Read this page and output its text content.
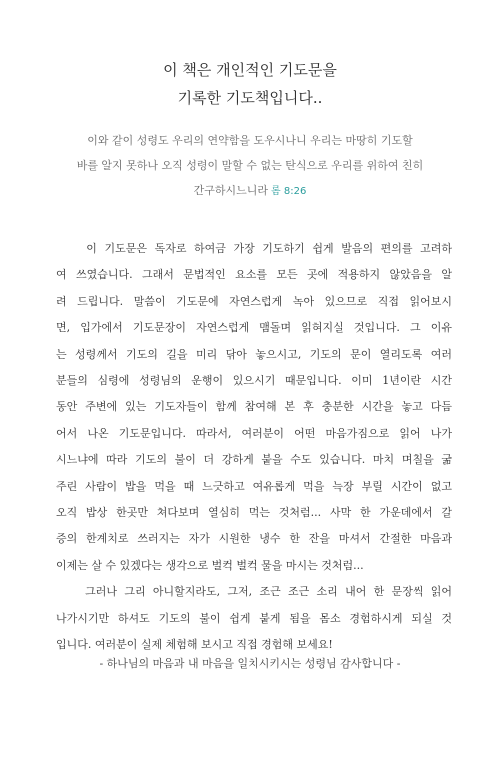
이 책은 개인적인 기도문을
기록한 기도책입니다..
이와 같이 성령도 우리의 연약함을 도우시나니 우리는 마땅히 기도할
바를 알지 못하나 오직 성령이 말할 수 없는 탄식으로 우리를 위하여 친히
간구하시느니라 롬 8:26
이 기도문은 독자로 하여금 가장 기도하기 쉽게 발음의 편의를 고려하
여 쓰였습니다. 그래서 문법적인 요소를 모든 곳에 적용하지 않았음을 알
려 드립니다. 말씀이 기도문에 자연스럽게 녹아 있으므로 직접 읽어보시
면, 입가에서 기도문장이 자연스럽게 맴돌며 읽혀지실 것입니다. 그 이유
는 성령께서 기도의 길을 미리 닦아 놓으시고, 기도의 문이 열리도록 여러
분들의 심령에 성령님의 운행이 있으시기 때문입니다. 이미 1년이란 시간
동안 주변에 있는 기도자들이 함께 참여해 본 후 충분한 시간을 놓고 다듬
어서 나온 기도문입니다. 따라서, 여러분이 어떤 마음가짐으로 읽어 나가
시느냐에 따라 기도의 불이 더 강하게 붙을 수도 있습니다. 마치 며칠을 굶
주린 사람이 밥을 먹을 때 느긋하고 여유롭게 먹을 늑장 부릴 시간이 없고
오직 밥상 한곳만 쳐다보며 열심히 먹는 것처럼... 사막 한 가운데에서 갈
증의 한계치로 쓰러지는 자가 시원한 냉수 한 잔을 마셔서 간절한 마음과
이제는 살 수 있겠다는 생각으로 벌컥 벌컥 물을 마시는 것처럼...
그러나 그리 아니할지라도, 그저, 조근 조근 소리 내어 한 문장씩 읽어
나가시기만 하셔도 기도의 불이 쉽게 붙게 됨을 몸소 경험하시게 되실 것
입니다. 여러분이 실제 체험해 보시고 직접 경험해 보세요!
- 하나님의 마음과 내 마음을 일치시키시는 성령님 감사합니다 -
